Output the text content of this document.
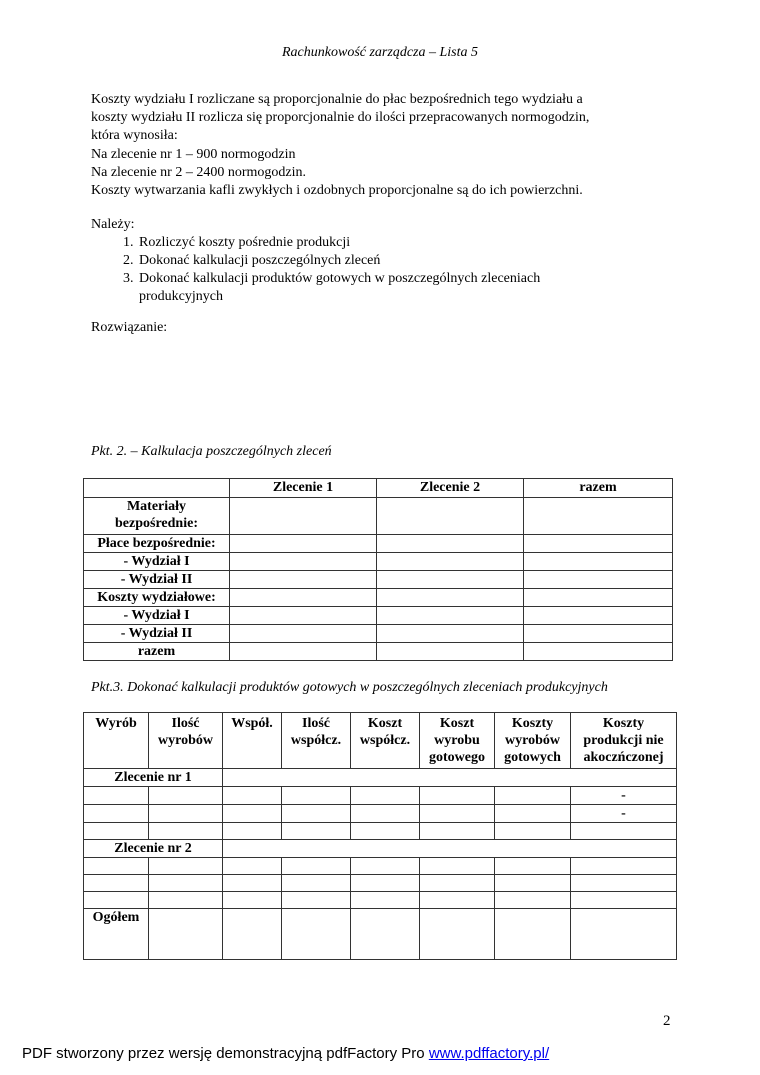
Rachunkowość zarządcza – Lista 5
Koszty wydziału I rozliczane są proporcjonalnie do płac bezpośrednich tego wydziału a
koszty wydziału II rozlicza się proporcjonalnie do ilości przepracowanych normogodzin,
która wynosiła:
Na zlecenie nr 1 – 900 normogodzin
Na zlecenie nr 2 – 2400 normogodzin.
Koszty wytwarzania kafli zwykłych i ozdobnych proporcjonalne są do ich powierzchni.
Należy:
1. Rozliczyć koszty pośrednie produkcji
2. Dokonać kalkulacji poszczególnych zleceń
3. Dokonać kalkulacji produktów gotowych w poszczególnych zleceniach produkcyjnych
Rozwiązanie:
Pkt. 2. – Kalkulacja poszczególnych zleceń
	Zlecenie 1	Zlecenie 2	razem
Materiały bezpośrednie:			
Płace bezpośrednie:			
- Wydział I			
- Wydział II			
Koszty wydziałowe:			
- Wydział I			
- Wydział II			
razem			
Pkt.3. Dokonać kalkulacji produktów gotowych w poszczególnych zleceniach produkcyjnych
Wyrób	Ilość wyrobów	Współ.	Ilość współcz.	Koszt współcz.	Koszt wyrobu gotowego	Koszty wyrobów gotowych	Koszty produkcji nie akoczńczonej
Zlecenie nr 1							
							-
							-

Zlecenie nr 2							

Ogółem							
2
PDF stworzony przez wersję demonstracyjną pdfFactory Pro www.pdffactory.pl/
